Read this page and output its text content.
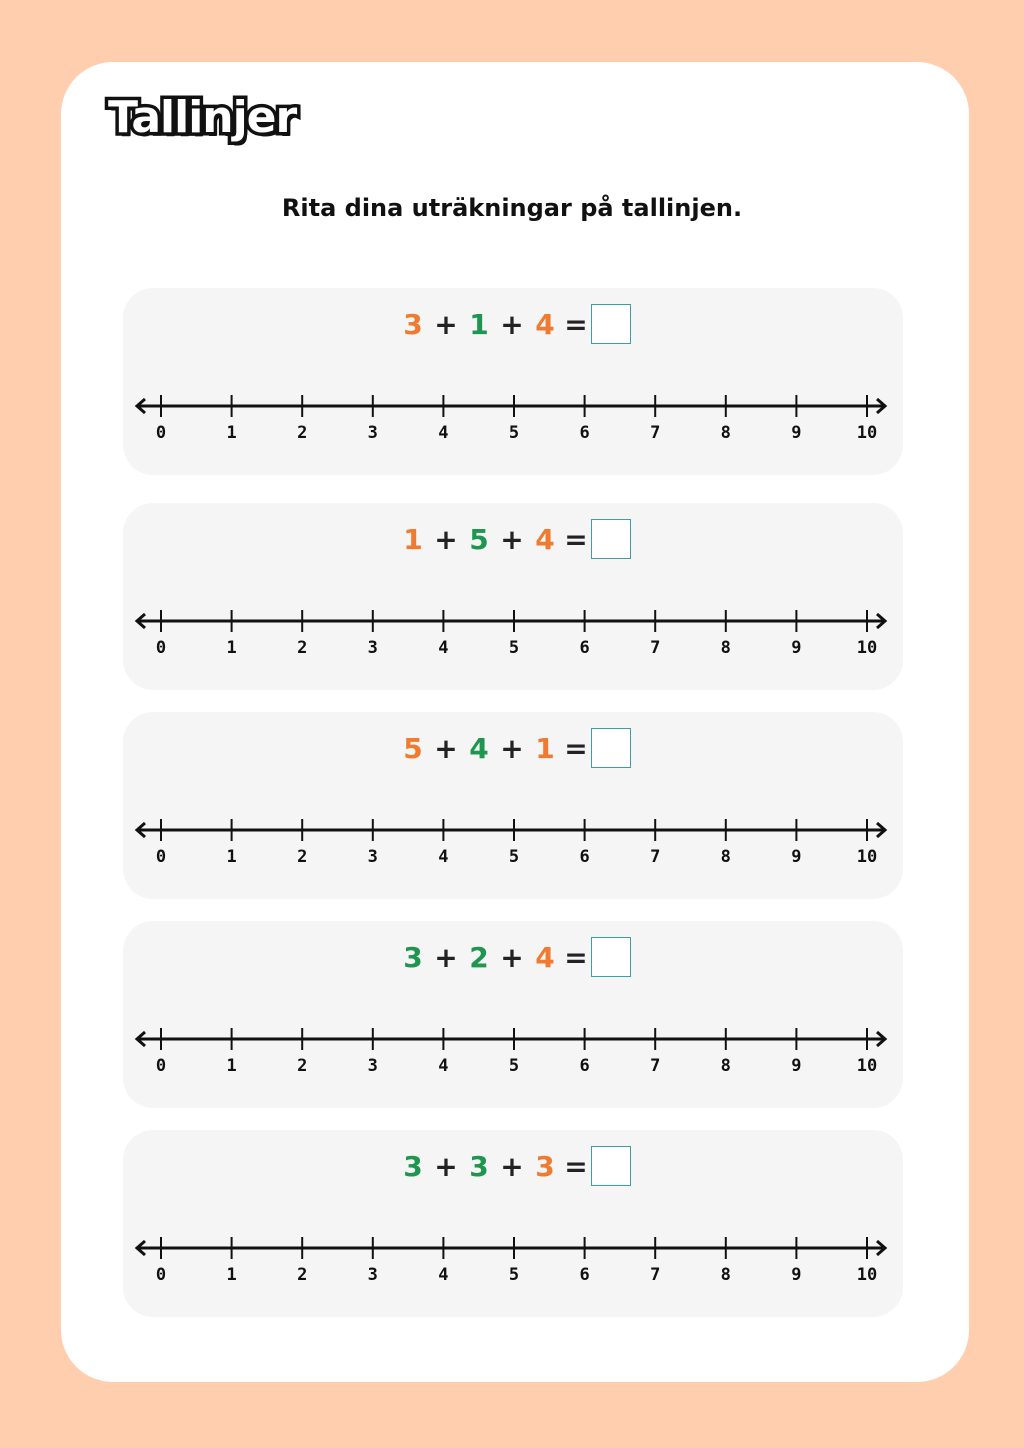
Tallinjer
Rita dina uträkningar på tallinjen.
3 + 1 + 4 =
0	1	2	3	4	5	6	7	8	9	10
1 + 5 + 4 =
0	1	2	3	4	5	6	7	8	9	10
5 + 4 + 1 =
0	1	2	3	4	5	6	7	8	9	10
3 + 2 + 4 =
0	1	2	3	4	5	6	7	8	9	10
3 + 3 + 3 =
0	1	2	3	4	5	6	7	8	9	10
